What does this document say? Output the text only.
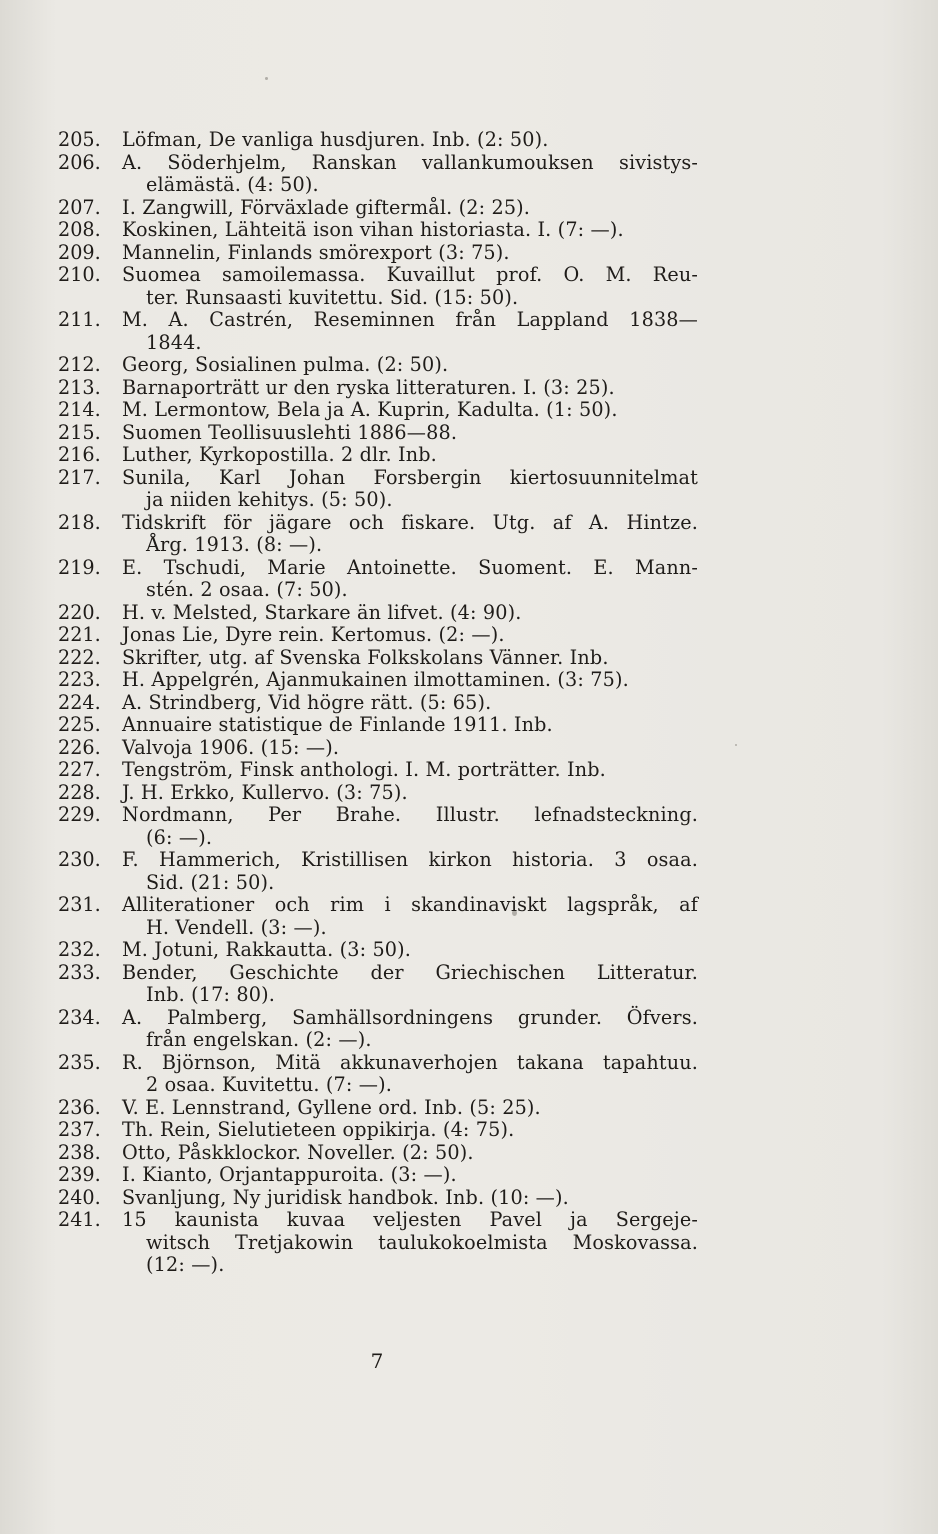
205.	Löfman, De vanliga husdjuren. Inb. (2: 50).
206.	A. Söderhjelm, Ranskan vallankumouksen sivistys-
elämästä. (4: 50).
207.	I. Zangwill, Förväxlade giftermål. (2: 25).
208.	Koskinen, Lähteitä ison vihan historiasta. I. (7: —).
209.	Mannelin, Finlands smörexport (3: 75).
210.	Suomea samoilemassa. Kuvaillut prof. O. M. Reu-
ter. Runsaasti kuvitettu. Sid. (15: 50).
211.	M. A. Castrén, Reseminnen från Lappland 1838—
1844.
212.	Georg, Sosialinen pulma. (2: 50).
213.	Barnaporträtt ur den ryska litteraturen. I. (3: 25).
214.	M. Lermontow, Bela ja A. Kuprin, Kadulta. (1: 50).
215.	Suomen Teollisuuslehti 1886—88.
216.	Luther, Kyrkopostilla. 2 dlr. Inb.
217.	Sunila, Karl Johan Forsbergin kiertosuunnitelmat
ja niiden kehitys. (5: 50).
218.	Tidskrift för jägare och fiskare. Utg. af A. Hintze.
Årg. 1913. (8: —).
219.	E. Tschudi, Marie Antoinette. Suoment. E. Mann-
stén. 2 osaa. (7: 50).
220.	H. v. Melsted, Starkare än lifvet. (4: 90).
221.	Jonas Lie, Dyre rein. Kertomus. (2: —).
222.	Skrifter, utg. af Svenska Folkskolans Vänner. Inb.
223.	H. Appelgrén, Ajanmukainen ilmottaminen. (3: 75).
224.	A. Strindberg, Vid högre rätt. (5: 65).
225.	Annuaire statistique de Finlande 1911. Inb.
226.	Valvoja 1906. (15: —).
227.	Tengström, Finsk anthologi. I. M. porträtter. Inb.
228.	J. H. Erkko, Kullervo. (3: 75).
229.	Nordmann, Per Brahe. Illustr. lefnadsteckning.
(6: —).
230.	F. Hammerich, Kristillisen kirkon historia. 3 osaa.
Sid. (21: 50).
231.	Alliterationer och rim i skandinaviskt lagspråk, af
H. Vendell. (3: —).
232.	M. Jotuni, Rakkautta. (3: 50).
233.	Bender, Geschichte der Griechischen Litteratur.
Inb. (17: 80).
234.	A. Palmberg, Samhällsordningens grunder. Öfvers.
från engelskan. (2: —).
235.	R. Björnson, Mitä akkunaverhojen takana tapahtuu.
2 osaa. Kuvitettu. (7: —).
236.	V. E. Lennstrand, Gyllene ord. Inb. (5: 25).
237.	Th. Rein, Sielutieteen oppikirja. (4: 75).
238.	Otto, Påskklockor. Noveller. (2: 50).
239.	I. Kianto, Orjantappuroita. (3: —).
240.	Svanljung, Ny juridisk handbok. Inb. (10: —).
241.	15 kaunista kuvaa veljesten Pavel ja Sergeje-
witsch Tretjakowin taulukokoelmista Moskovassa.
(12: —).
7
